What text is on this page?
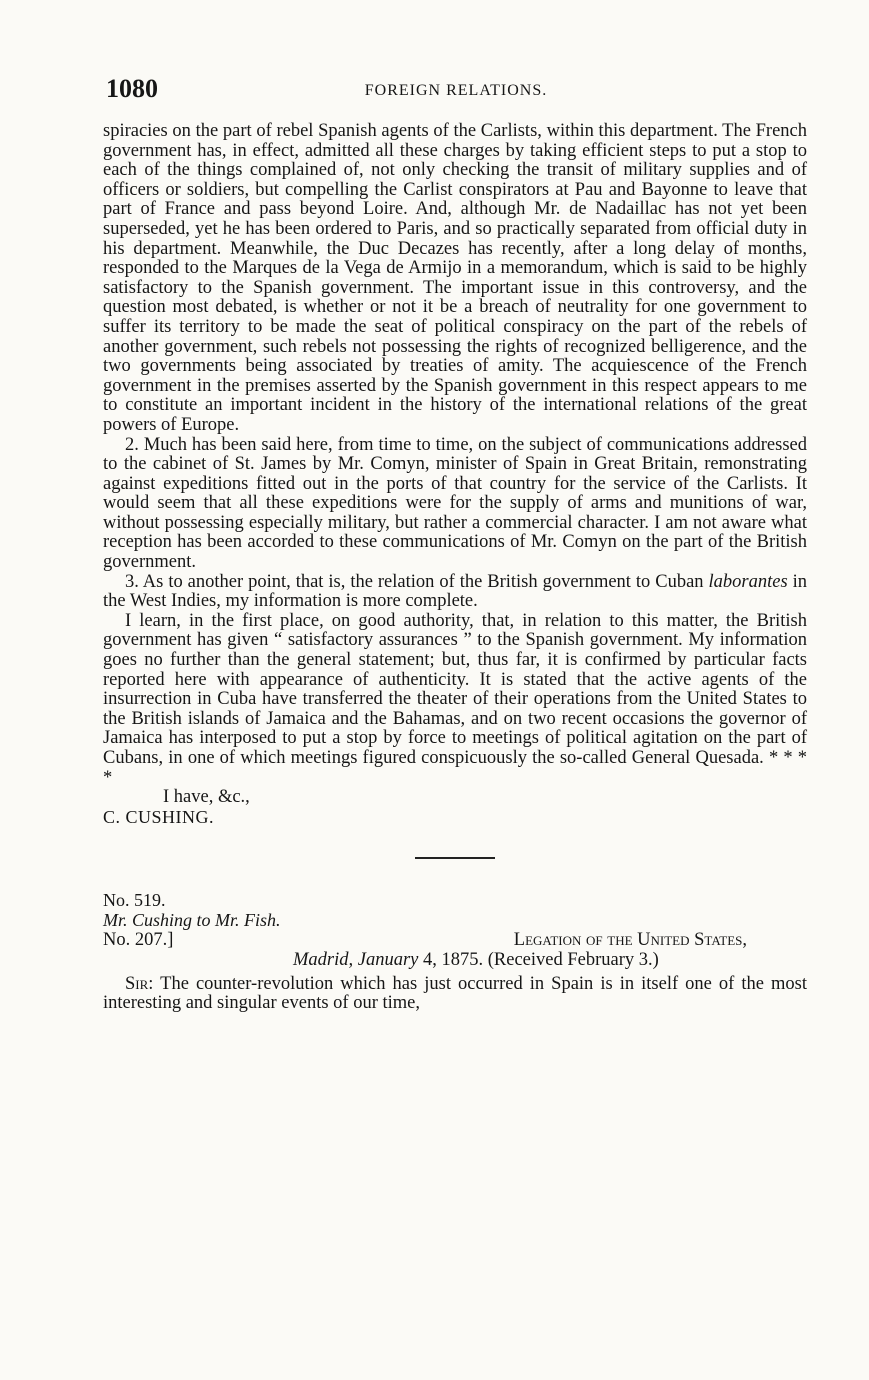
1080	FOREIGN RELATIONS.

spiracies on the part of rebel Spanish agents of the Carlists, within this department. The French government has, in effect, admitted all these charges by taking efficient steps to put a stop to each of the things complained of, not only checking the transit of military supplies and of officers or soldiers, but compelling the Carlist conspirators at Pau and Bayonne to leave that part of France and pass beyond Loire. And, although Mr. de Nadaillac has not yet been superseded, yet he has been ordered to Paris, and so practically separated from official duty in his department. Meanwhile, the Duc Decazes has recently, after a long delay of months, responded to the Marques de la Vega de Armijo in a memorandum, which is said to be highly satisfactory to the Spanish government. The important issue in this controversy, and the question most debated, is whether or not it be a breach of neutrality for one government to suffer its territory to be made the seat of political conspiracy on the part of the rebels of another government, such rebels not possessing the rights of recognized belligerence, and the two governments being associated by treaties of amity. The acquiescence of the French government in the premises asserted by the Spanish government in this respect appears to me to constitute an important incident in the history of the international relations of the great powers of Europe.

2. Much has been said here, from time to time, on the subject of communications addressed to the cabinet of St. James by Mr. Comyn, minister of Spain in Great Britain, remonstrating against expeditions fitted out in the ports of that country for the service of the Carlists. It would seem that all these expeditions were for the supply of arms and munitions of war, without possessing especially military, but rather a commercial character. I am not aware what reception has been accorded to these communications of Mr. Comyn on the part of the British government.

3. As to another point, that is, the relation of the British government to Cuban laborantes in the West Indies, my information is more complete.

I learn, in the first place, on good authority, that, in relation to this matter, the British government has given “ satisfactory assurances ” to the Spanish government. My information goes no further than the general statement; but, thus far, it is confirmed by particular facts reported here with appearance of authenticity. It is stated that the active agents of the insurrection in Cuba have transferred the theater of their operations from the United States to the British islands of Jamaica and the Bahamas, and on two recent occasions the governor of Jamaica has interposed to put a stop by force to meetings of political agitation on the part of Cubans, in one of which meetings figured conspicuously the so-called General Quesada. * * * *

I have, &c.,

C. CUSHING.

No. 519.

Mr. Cushing to Mr. Fish.

No. 207.]	Legation of the United States,
Madrid, January 4, 1875. (Received February 3.)

Sir: The counter-revolution which has just occurred in Spain is in itself one of the most interesting and singular events of our time,
